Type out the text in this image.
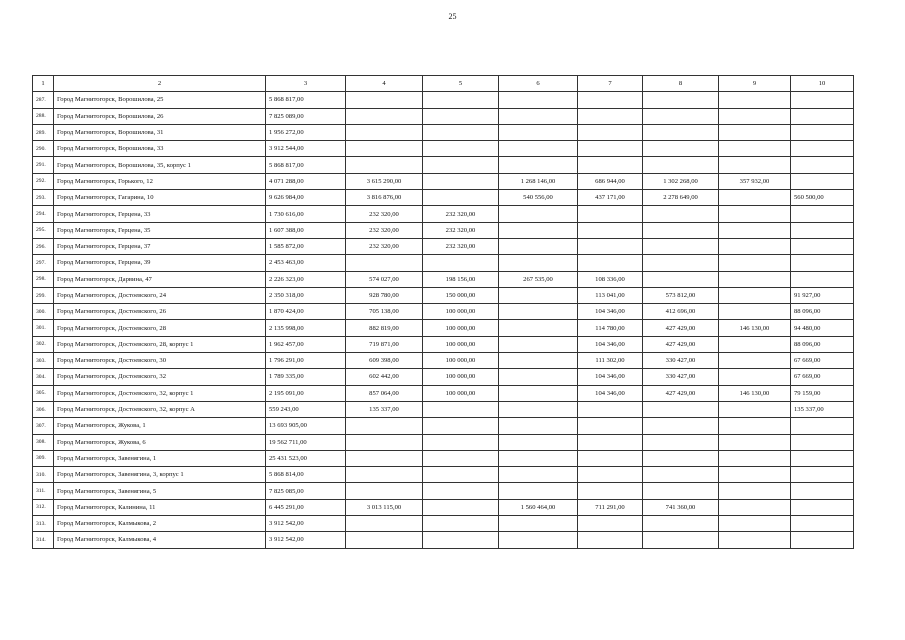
25
1	2	3	4	5	6	7	8	9	10
287.	Город Магнитогорск, Ворошилова, 25	5 868 817,00							
288.	Город Магнитогорск, Ворошилова, 26	7 825 089,00							
289.	Город Магнитогорск, Ворошилова, 31	1 956 272,00							
290.	Город Магнитогорск, Ворошилова, 33	3 912 544,00							
291.	Город Магнитогорск, Ворошилова, 35, корпус 1	5 868 817,00							
292.	Город Магнитогорск, Горького, 12	4 071 288,00	3 615 290,00		1 268 146,00	686 944,00	1 302 268,00	357 932,00	
293.	Город Магнитогорск, Гагарина, 10	9 626 984,00	3 816 876,00		540 556,00	437 171,00	2 278 649,00		560 500,00
294.	Город Магнитогорск, Герцена, 33	1 730 616,00	232 320,00	232 320,00					
295.	Город Магнитогорск, Герцена, 35	1 607 388,00	232 320,00	232 320,00					
296.	Город Магнитогорск, Герцена, 37	1 585 872,00	232 320,00	232 320,00					
297.	Город Магнитогорск, Герцена, 39	2 453 463,00							
298.	Город Магнитогорск, Дарвина, 47	2 226 323,00	574 027,00	198 156,00	267 535,00	108 336,00			
299.	Город Магнитогорск, Достоевского, 24	2 350 318,00	928 780,00	150 000,00		113 041,00	573 812,00		91 927,00
300.	Город Магнитогорск, Достоевского, 26	1 870 424,00	705 138,00	100 000,00		104 346,00	412 696,00		88 096,00
301.	Город Магнитогорск, Достоевского, 28	2 135 998,00	882 819,00	100 000,00		114 780,00	427 429,00	146 130,00	94 480,00
302.	Город Магнитогорск, Достоевского, 28, корпус 1	1 962 457,00	719 871,00	100 000,00		104 346,00	427 429,00		88 096,00
303.	Город Магнитогорск, Достоевского, 30	1 796 291,00	609 398,00	100 000,00		111 302,00	330 427,00		67 669,00
304.	Город Магнитогорск, Достоевского, 32	1 789 335,00	602 442,00	100 000,00		104 346,00	330 427,00		67 669,00
305.	Город Магнитогорск, Достоевского, 32, корпус 1	2 195 091,00	857 064,00	100 000,00		104 346,00	427 429,00	146 130,00	79 159,00
306.	Город Магнитогорск, Достоевского, 32, корпус А	559 243,00	135 337,00						135 337,00
307.	Город Магнитогорск, Жукова, 1	13 693 905,00							
308.	Город Магнитогорск, Жукова, 6	19 562 711,00							
309.	Город Магнитогорск, Завенягина, 1	25 431 523,00							
310.	Город Магнитогорск, Завенягина, 3, корпус 1	5 868 814,00							
311.	Город Магнитогорск, Завенягина, 5	7 825 085,00							
312.	Город Магнитогорск, Калинина, 11	6 445 291,00	3 013 115,00		1 560 464,00	711 291,00	741 360,00		
313.	Город Магнитогорск, Калмыкова, 2	3 912 542,00							
314.	Город Магнитогорск, Калмыкова, 4	3 912 542,00							
